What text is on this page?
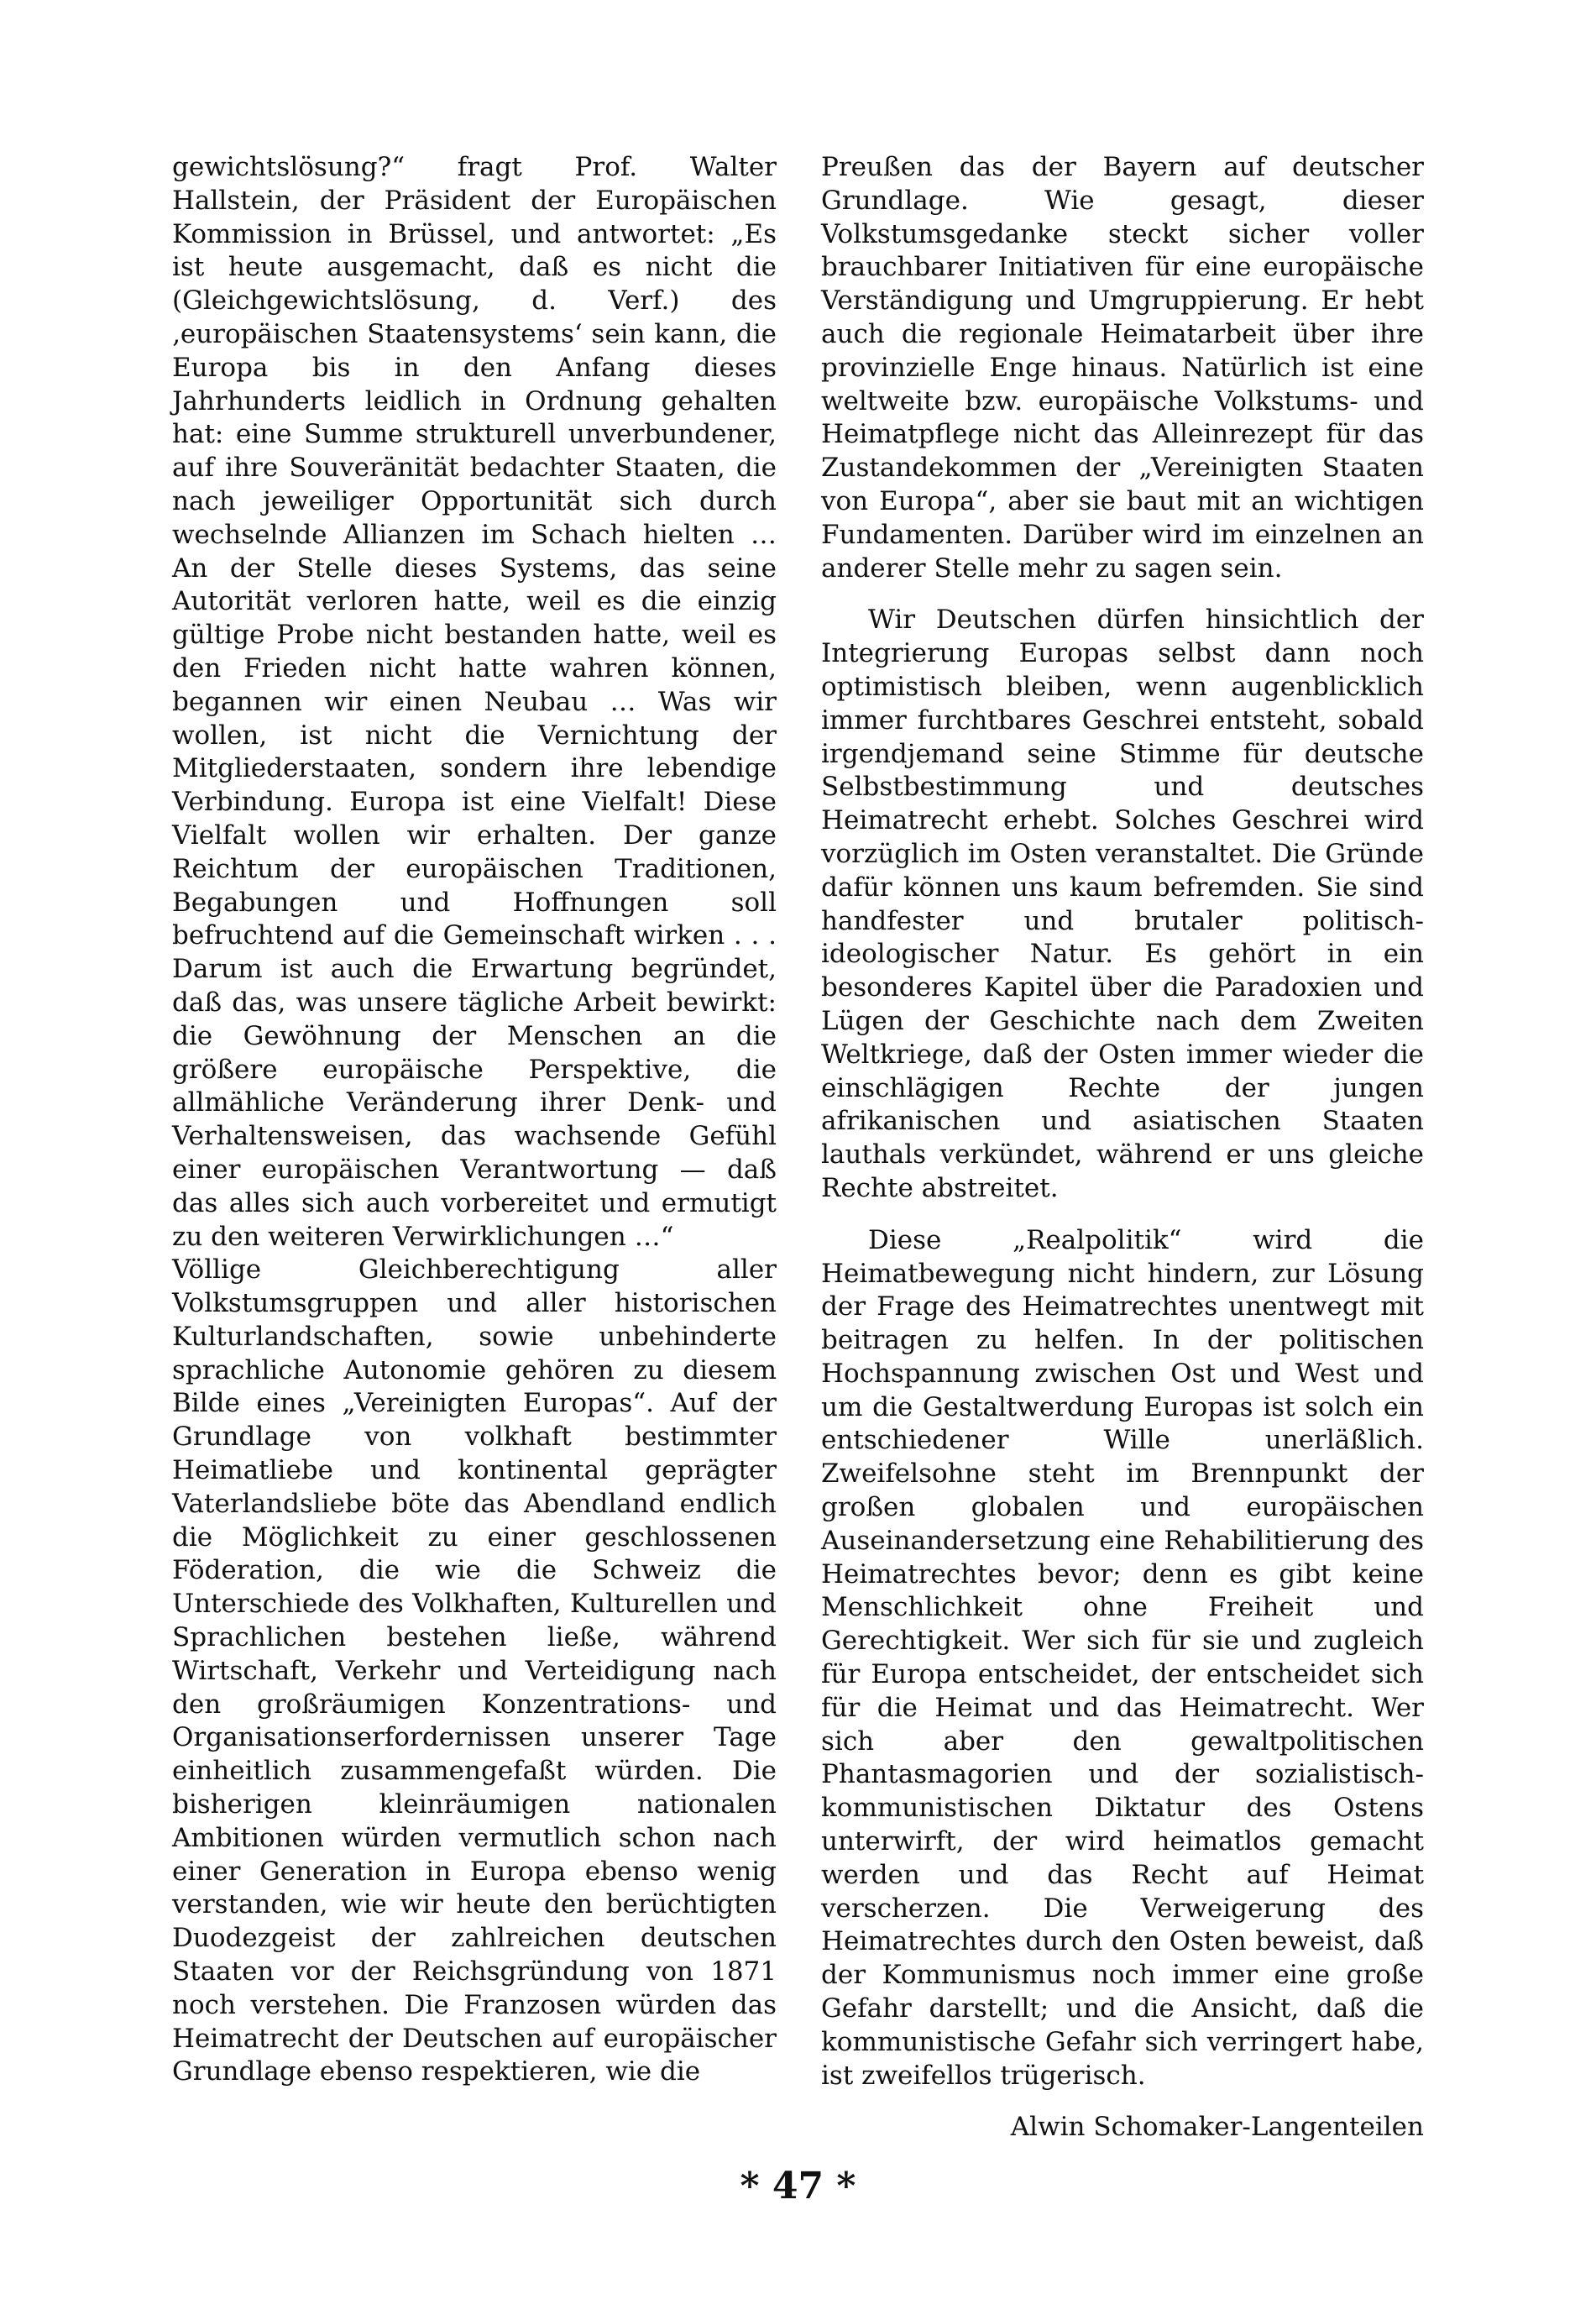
gewichtslösung?“ fragt Prof. Walter Hallstein, der Präsident der Europäischen Kommission in Brüssel, und antwortet: „Es ist heute ausgemacht, daß es nicht die (Gleichgewichtslösung, d. Verf.) des ‚europäischen Staatensystems‘ sein kann, die Europa bis in den Anfang dieses Jahrhunderts leidlich in Ordnung gehalten hat: eine Summe strukturell unverbundener, auf ihre Souveränität bedachter Staaten, die nach jeweiliger Opportunität sich durch wechselnde Allianzen im Schach hielten … An der Stelle dieses Systems, das seine Autorität verloren hatte, weil es die einzig gültige Probe nicht bestanden hatte, weil es den Frieden nicht hatte wahren können, begannen wir einen Neubau … Was wir wollen, ist nicht die Vernichtung der Mitgliederstaaten, sondern ihre lebendige Verbindung. Europa ist eine Vielfalt! Diese Vielfalt wollen wir erhalten. Der ganze Reichtum der europäischen Traditionen, Begabungen und Hoffnungen soll befruchtend auf die Gemeinschaft wirken . . . Darum ist auch die Erwartung begründet, daß das, was unsere tägliche Arbeit bewirkt: die Gewöhnung der Menschen an die größere europäische Perspektive, die allmähliche Veränderung ihrer Denk- und Verhaltensweisen, das wachsende Gefühl einer europäischen Verantwortung — daß das alles sich auch vorbereitet und ermutigt zu den weiteren Verwirklichungen …“

Völlige Gleichberechtigung aller Volkstumsgruppen und aller historischen Kulturlandschaften, sowie unbehinderte sprachliche Autonomie gehören zu diesem Bilde eines „Vereinigten Europas“. Auf der Grundlage von volkhaft bestimmter Heimatliebe und kontinental geprägter Vaterlandsliebe böte das Abendland endlich die Möglichkeit zu einer geschlossenen Föderation, die wie die Schweiz die Unterschiede des Volkhaften, Kulturellen und Sprachlichen bestehen ließe, während Wirtschaft, Verkehr und Verteidigung nach den großräumigen Konzentrations- und Organisationserfordernissen unserer Tage einheitlich zusammengefaßt würden. Die bisherigen kleinräumigen nationalen Ambitionen würden vermutlich schon nach einer Generation in Europa ebenso wenig verstanden, wie wir heute den berüchtigten Duodezgeist der zahlreichen deutschen Staaten vor der Reichsgründung von 1871 noch verstehen. Die Franzosen würden das Heimatrecht der Deutschen auf europäischer Grundlage ebenso respektieren, wie die

Preußen das der Bayern auf deutscher Grundlage. Wie gesagt, dieser Volkstumsgedanke steckt sicher voller brauchbarer Initiativen für eine europäische Verständigung und Umgruppierung. Er hebt auch die regionale Heimatarbeit über ihre provinzielle Enge hinaus. Natürlich ist eine weltweite bzw. europäische Volkstums- und Heimatpflege nicht das Alleinrezept für das Zustandekommen der „Vereinigten Staaten von Europa“, aber sie baut mit an wichtigen Fundamenten. Darüber wird im einzelnen an anderer Stelle mehr zu sagen sein.

Wir Deutschen dürfen hinsichtlich der Integrierung Europas selbst dann noch optimistisch bleiben, wenn augenblicklich immer furchtbares Geschrei entsteht, sobald irgendjemand seine Stimme für deutsche Selbstbestimmung und deutsches Heimatrecht erhebt. Solches Geschrei wird vorzüglich im Osten veranstaltet. Die Gründe dafür können uns kaum befremden. Sie sind handfester und brutaler politisch-ideologischer Natur. Es gehört in ein besonderes Kapitel über die Paradoxien und Lügen der Geschichte nach dem Zweiten Weltkriege, daß der Osten immer wieder die einschlägigen Rechte der jungen afrikanischen und asiatischen Staaten lauthals verkündet, während er uns gleiche Rechte abstreitet.

Diese „Realpolitik“ wird die Heimatbewegung nicht hindern, zur Lösung der Frage des Heimatrechtes unentwegt mit beitragen zu helfen. In der politischen Hochspannung zwischen Ost und West und um die Gestaltwerdung Europas ist solch ein entschiedener Wille unerläßlich. Zweifelsohne steht im Brennpunkt der großen globalen und europäischen Auseinandersetzung eine Rehabilitierung des Heimatrechtes bevor; denn es gibt keine Menschlichkeit ohne Freiheit und Gerechtigkeit. Wer sich für sie und zugleich für Europa entscheidet, der entscheidet sich für die Heimat und das Heimatrecht. Wer sich aber den gewaltpolitischen Phantasmagorien und der sozialistisch-kommunistischen Diktatur des Ostens unterwirft, der wird heimatlos gemacht werden und das Recht auf Heimat verscherzen. Die Verweigerung des Heimatrechtes durch den Osten beweist, daß der Kommunismus noch immer eine große Gefahr darstellt; und die Ansicht, daß die kommunistische Gefahr sich verringert habe, ist zweifellos trügerisch.

Alwin Schomaker-Langenteilen

* 47 *
